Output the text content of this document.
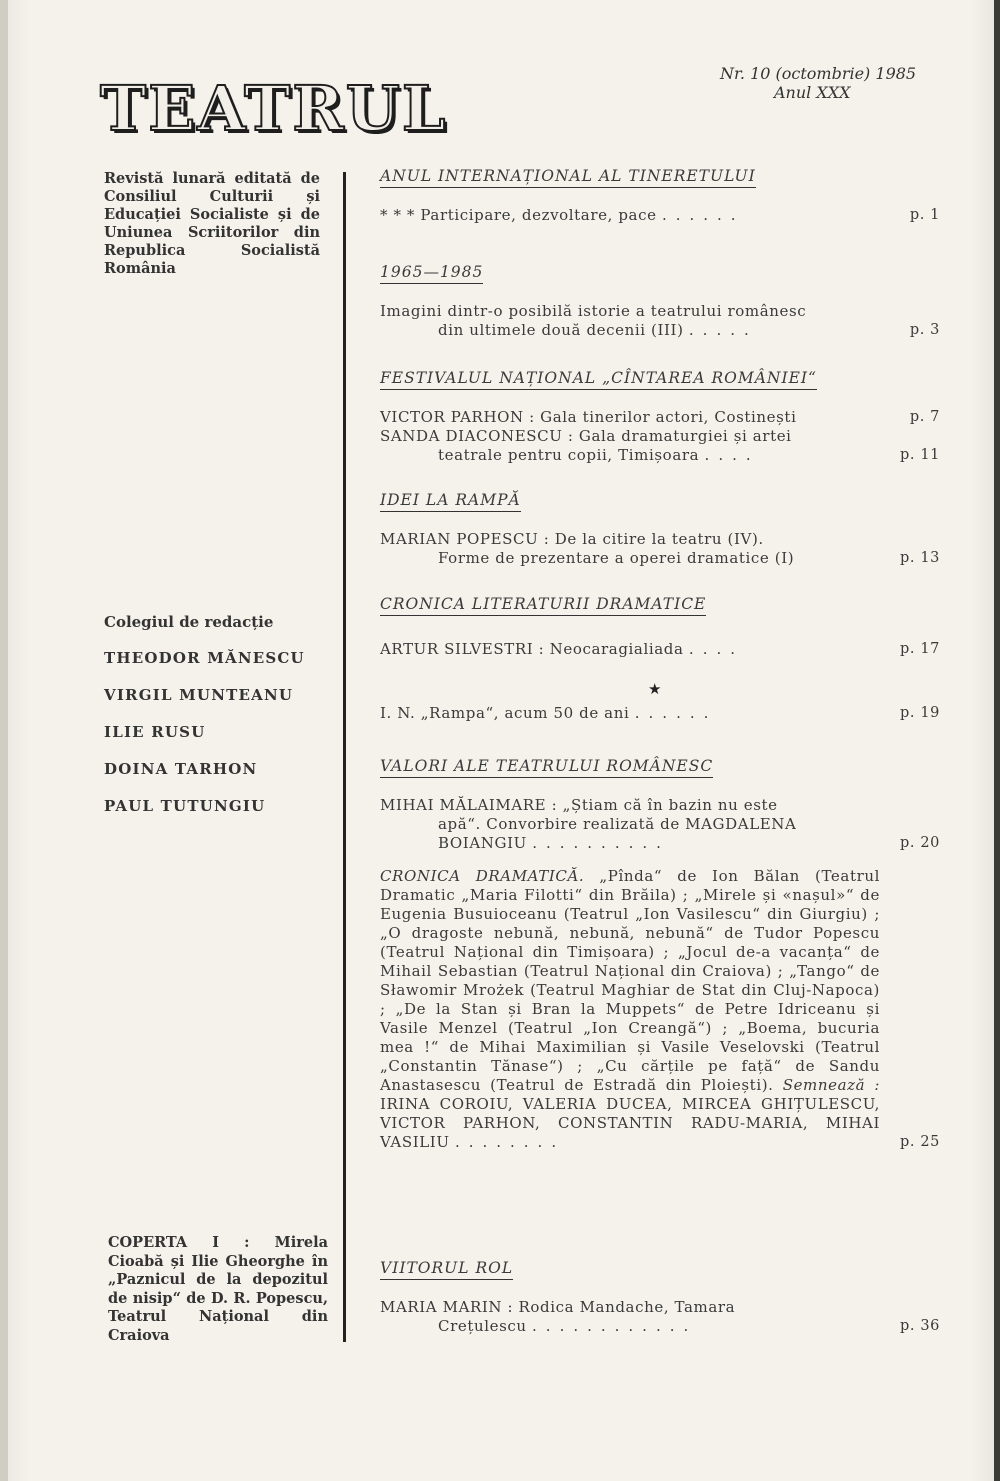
TEATRUL	Nr. 10 (octombrie) 1985
Anul XXX

Revistă lunară editată de Consiliul Culturii și Educației Socialiste și de Uniunea Scriitorilor din Republica Socialistă România

Colegiul de redacție

THEODOR MĂNESCU

VIRGIL MUNTEANU

ILIE RUSU

DOINA TARHON

PAUL TUTUNGIU

COPERTA I : Mirela Cioabă și Ilie Gheorghe în „Paznicul de la depozitul de nisip“ de D. R. Popescu, Teatrul Național din Craiova
ANUL INTERNAȚIONAL AL TINERETULUI
* * * Participare, dezvoltare, pace ......	p. 1
1965—1985
Imagini dintr-o posibilă istorie a teatrului românesc
din ultimele două decenii (III) .....	p. 3
FESTIVALUL NAȚIONAL „CÎNTAREA ROMÂNIEI“
VICTOR PARHON : Gala tinerilor actori, Costinești	p. 7
SANDA DIACONESCU : Gala dramaturgiei și artei
teatrale pentru copii, Timișoara ....	p. 11
IDEI LA RAMPĂ
MARIAN POPESCU : De la citire la teatru (IV).
Forme de prezentare a operei dramatice (I)	p. 13
CRONICA LITERATURII DRAMATICE
ARTUR SILVESTRI : Neocaragialiada ....	p. 17
★
I. N. „Rampa“, acum 50 de ani ......	p. 19
VALORI ALE TEATRULUI ROMÂNESC
MIHAI MĂLAIMARE : „Știam că în bazin nu este
apă“. Convorbire realizată de MAGDALENA
BOIANGIU ..........	p. 20
CRONICA DRAMATICĂ. „Pînda“ de Ion Bălan (Teatrul Dramatic „Maria Filotti“ din Brăila) ; „Mirele și «nașul»“ de Eugenia Busuioceanu (Teatrul „Ion Vasilescu“ din Giurgiu) ; „O dragoste nebună, nebună, nebună“ de Tudor Popescu (Teatrul Național din Timișoara) ; „Jocul de-a vacanța“ de Mihail Sebastian (Teatrul Național din Craiova) ; „Tango“ de Sławomir Mrożek (Teatrul Maghiar de Stat din Cluj-Napoca) ; „De la Stan și Bran la Muppets“ de Petre Idriceanu și Vasile Menzel (Teatrul „Ion Creangă“) ; „Boema, bucuria mea !“ de Mihai Maximilian și Vasile Veselovski (Teatrul „Constantin Tănase“) ; „Cu cărțile pe față“ de Sandu Anastasescu (Teatrul de Estradă din Ploiești). Semnează : IRINA COROIU, VALERIA DUCEA, MIRCEA GHIȚULESCU, VICTOR PARHON, CONSTANTIN RADU-MARIA, MIHAI VASILIU ........	p. 25
VIITORUL ROL
MARIA MARIN : Rodica Mandache, Tamara
Crețulescu ............	p. 36
